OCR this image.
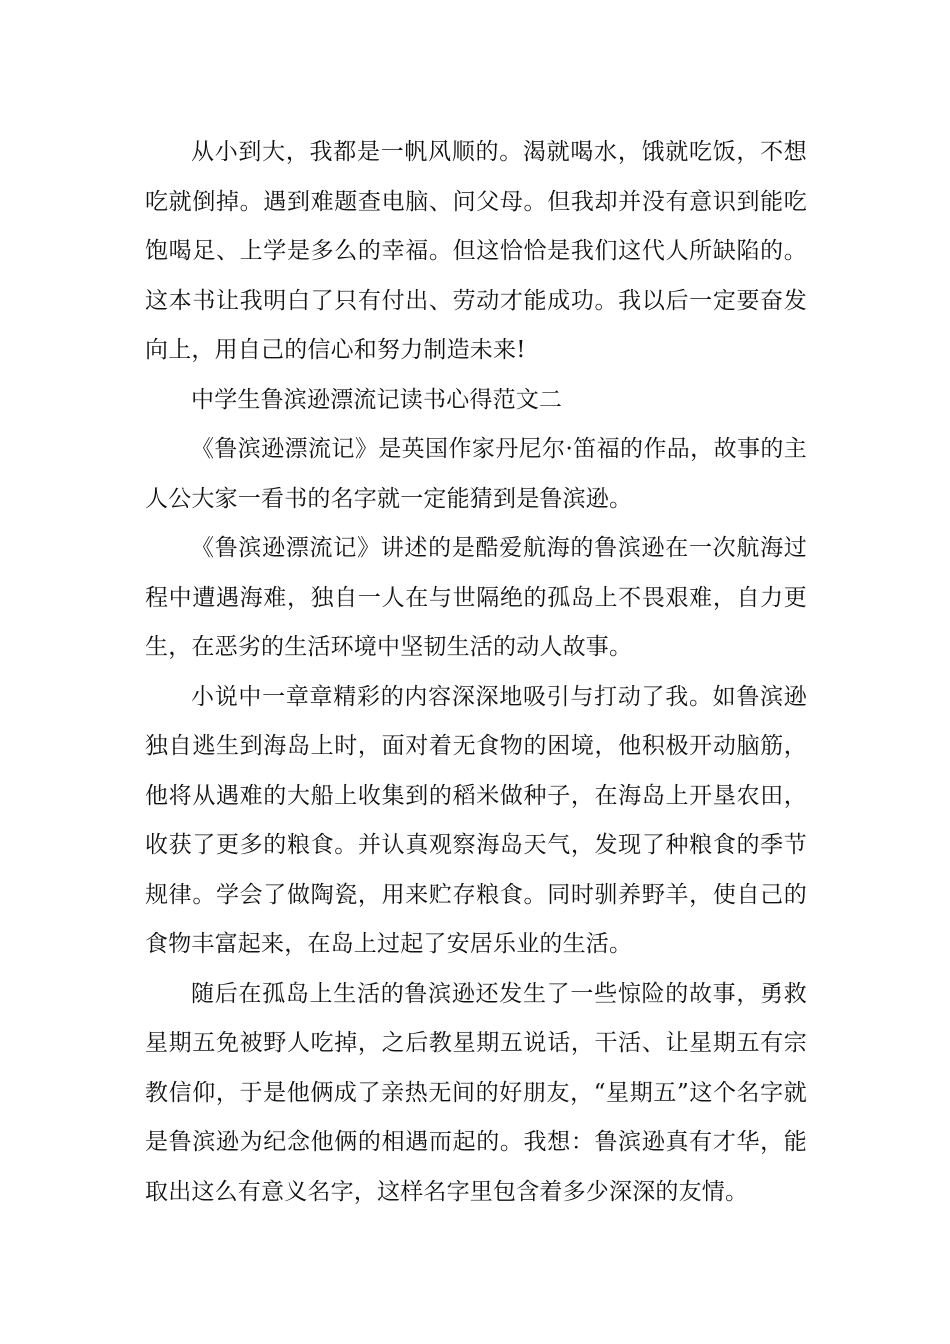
从小到大，我都是一帆风顺的。渴就喝水，饿就吃饭，不想吃就倒掉。遇到难题查电脑、问父母。但我却并没有意识到能吃饱喝足、上学是多么的幸福。但这恰恰是我们这代人所缺陷的。这本书让我明白了只有付出、劳动才能成功。我以后一定要奋发向上，用自己的信心和努力制造未来!

中学生鲁滨逊漂流记读书心得范文二

《鲁滨逊漂流记》是英国作家丹尼尔·笛福的作品，故事的主人公大家一看书的名字就一定能猜到是鲁滨逊。

《鲁滨逊漂流记》讲述的是酷爱航海的鲁滨逊在一次航海过程中遭遇海难，独自一人在与世隔绝的孤岛上不畏艰难，自力更生，在恶劣的生活环境中坚韧生活的动人故事。

小说中一章章精彩的内容深深地吸引与打动了我。如鲁滨逊独自逃生到海岛上时，面对着无食物的困境，他积极开动脑筋，他将从遇难的大船上收集到的稻米做种子，在海岛上开垦农田，收获了更多的粮食。并认真观察海岛天气，发现了种粮食的季节规律。学会了做陶瓷，用来贮存粮食。同时驯养野羊，使自己的食物丰富起来，在岛上过起了安居乐业的生活。

随后在孤岛上生活的鲁滨逊还发生了一些惊险的故事，勇救星期五免被野人吃掉，之后教星期五说话，干活、让星期五有宗教信仰，于是他俩成了亲热无间的好朋友，“星期五”这个名字就是鲁滨逊为纪念他俩的相遇而起的。我想：鲁滨逊真有才华，能取出这么有意义名字，这样名字里包含着多少深深的友情。
